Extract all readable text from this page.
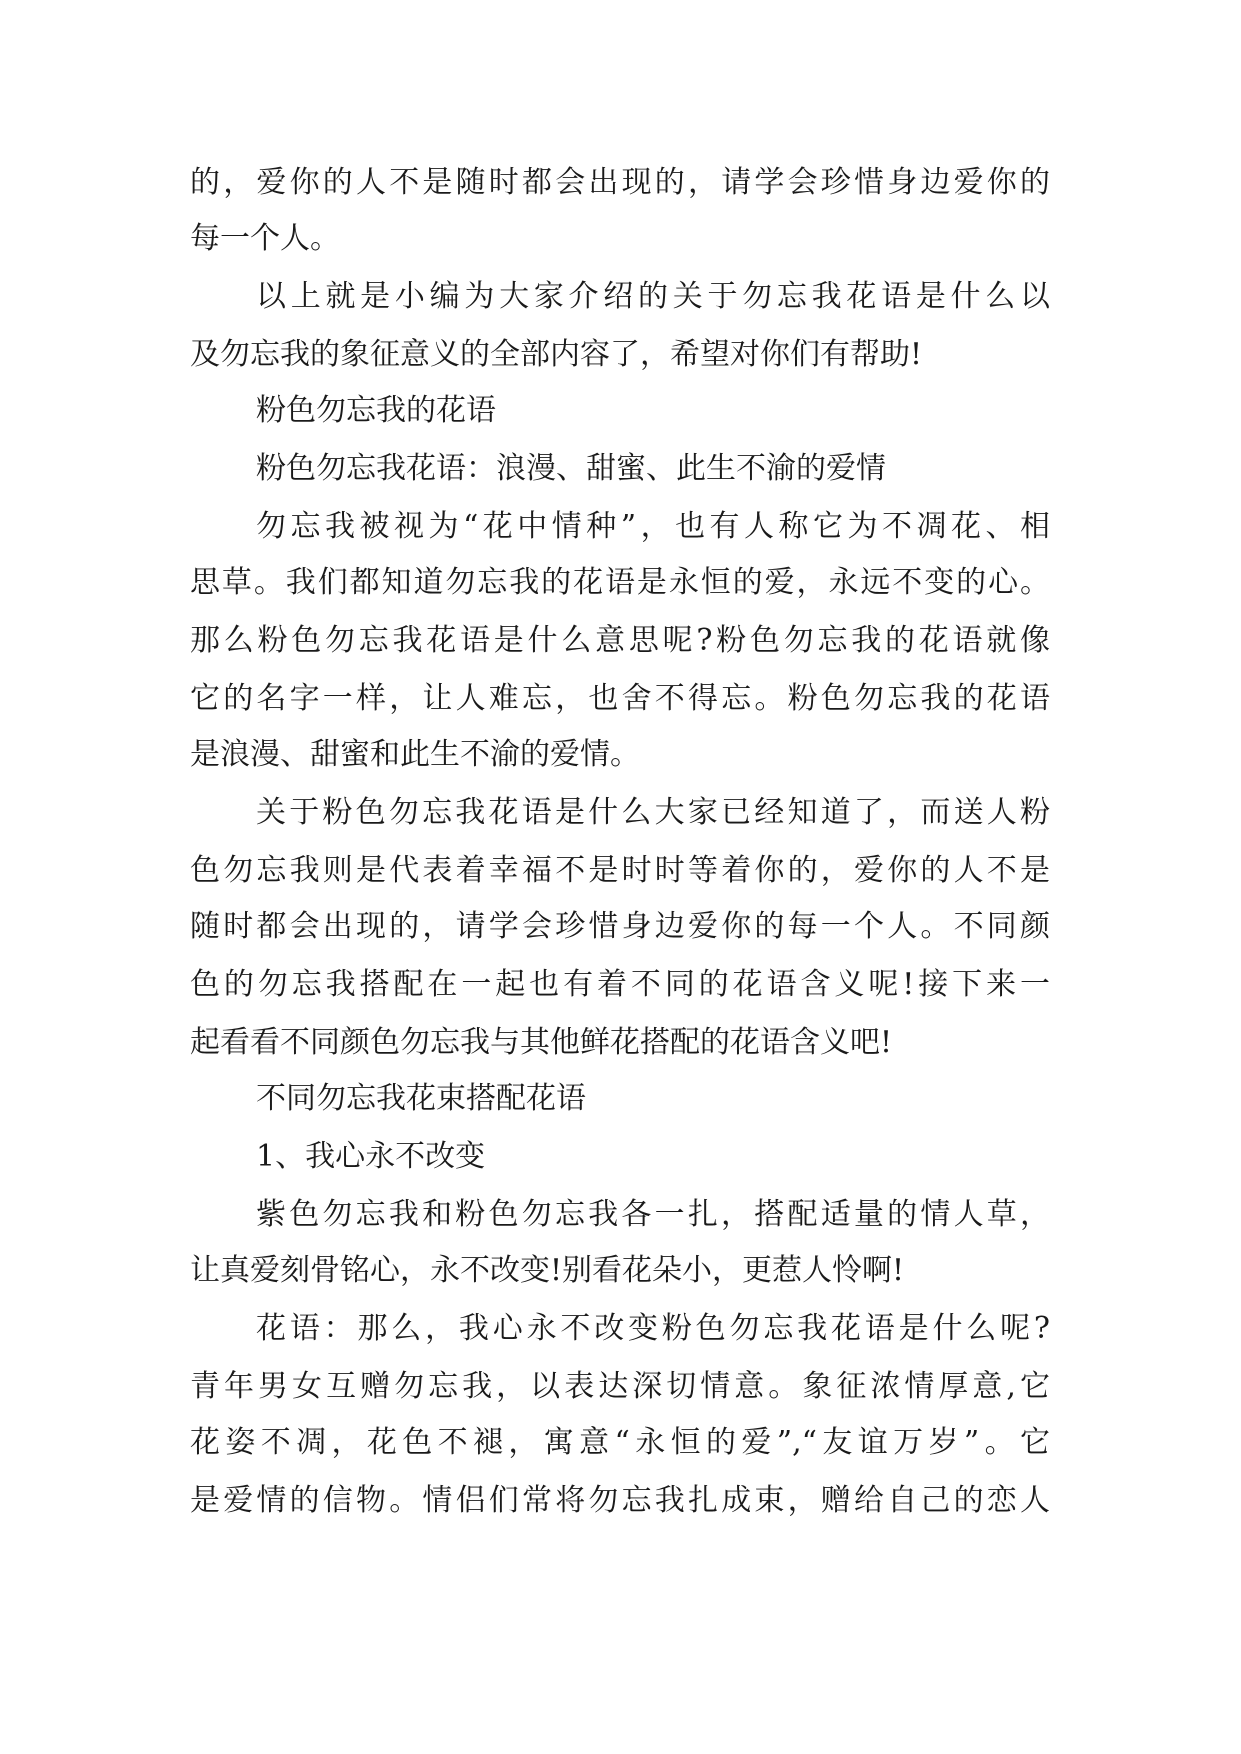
的，爱你的人不是随时都会出现的，请学会珍惜身边爱你的
每一个人。
以上就是小编为大家介绍的关于勿忘我花语是什么以
及勿忘我的象征意义的全部内容了，希望对你们有帮助!
粉色勿忘我的花语
粉色勿忘我花语：浪漫、甜蜜、此生不渝的爱情
勿忘我被视为“花中情种”，也有人称它为不凋花、相
思草。我们都知道勿忘我的花语是永恒的爱，永远不变的心。
那么粉色勿忘我花语是什么意思呢?粉色勿忘我的花语就像
它的名字一样，让人难忘，也舍不得忘。粉色勿忘我的花语
是浪漫、甜蜜和此生不渝的爱情。
关于粉色勿忘我花语是什么大家已经知道了，而送人粉
色勿忘我则是代表着幸福不是时时等着你的，爱你的人不是
随时都会出现的，请学会珍惜身边爱你的每一个人。不同颜
色的勿忘我搭配在一起也有着不同的花语含义呢!接下来一
起看看不同颜色勿忘我与其他鲜花搭配的花语含义吧!
不同勿忘我花束搭配花语
1、我心永不改变
紫色勿忘我和粉色勿忘我各一扎，搭配适量的情人草，
让真爱刻骨铭心，永不改变!别看花朵小，更惹人怜啊!
花语：那么，我心永不改变粉色勿忘我花语是什么呢?
青年男女互赠勿忘我，以表达深切情意。象征浓情厚意,它
花姿不凋，花色不褪，寓意“永恒的爱”,“友谊万岁”。它
是爱情的信物。情侣们常将勿忘我扎成束，赠给自己的恋人
